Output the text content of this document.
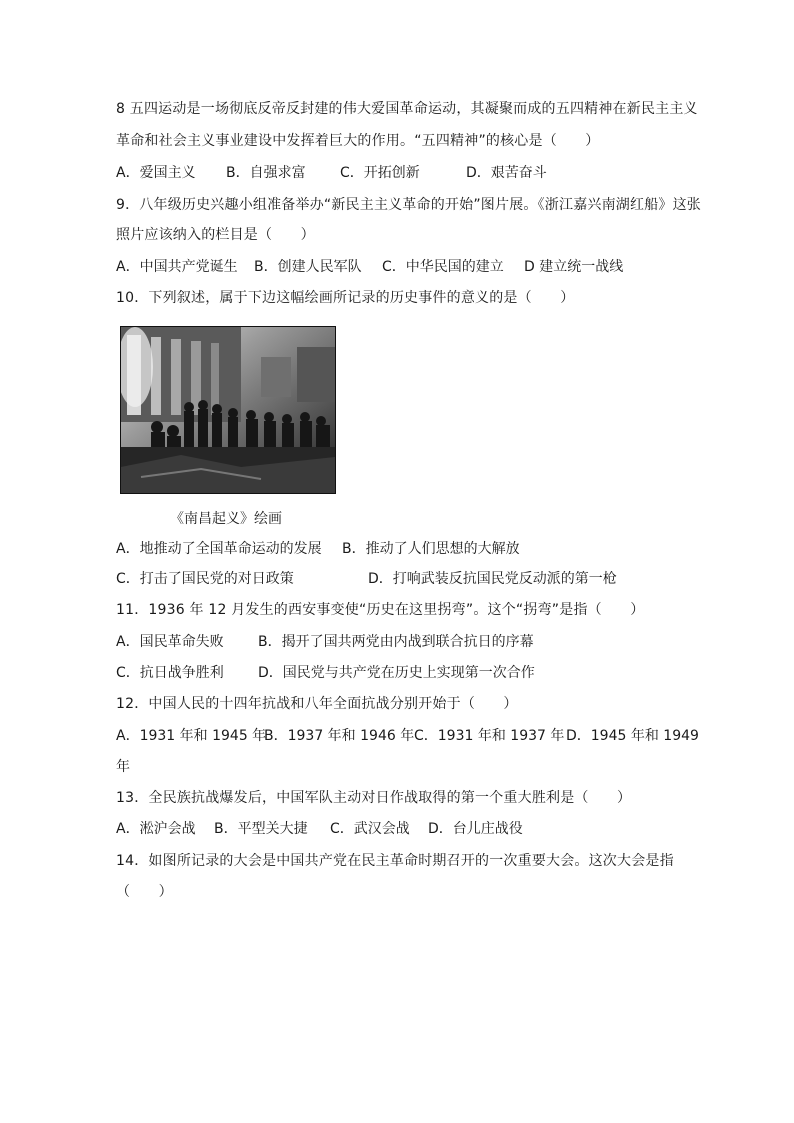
8 五四运动是一场彻底反帝反封建的伟大爱国革命运动，其凝聚而成的五四精神在新民主主义
革命和社会主义事业建设中发挥着巨大的作用。“五四精神”的核心是（　　）
A．爱国主义 B．自强求富 C．开拓创新	D．艰苦奋斗
9．八年级历史兴趣小组准备举办“新民主主义革命的开始”图片展。《浙江嘉兴南湖红船》这张
照片应该纳入的栏目是（　　）
A．中国共产党诞生 B．创建人民军队 C．中华民国的建立 D 建立统一战线
10．下列叙述，属于下边这幅绘画所记录的历史事件的意义的是（　　）
《南昌起义》绘画
A．地推动了全国革命运动的发展 B．推动了人们思想的大解放
C．打击了国民党的对日政策	D．打响武装反抗国民党反动派的第一枪
11．1936 年 12 月发生的西安事变使“历史在这里拐弯”。这个“拐弯”是指（　　）
A．国民革命失败 B．揭开了国共两党由内战到联合抗日的序幕
C．抗日战争胜利 D．国民党与共产党在历史上实现第一次合作
12．中国人民的十四年抗战和八年全面抗战分别开始于（　　）
A．1931 年和 1945 年
B．1937 年和 1946 年 C．1931 年和 1937 年 D．1945 年和 1949
年
13．全民族抗战爆发后，中国军队主动对日作战取得的第一个重大胜利是（　　）
A．淞沪会战 B．平型关大捷 C．武汉会战 D．台儿庄战役
14．如图所记录的大会是中国共产党在民主革命时期召开的一次重要大会。这次大会是指
（　　）
